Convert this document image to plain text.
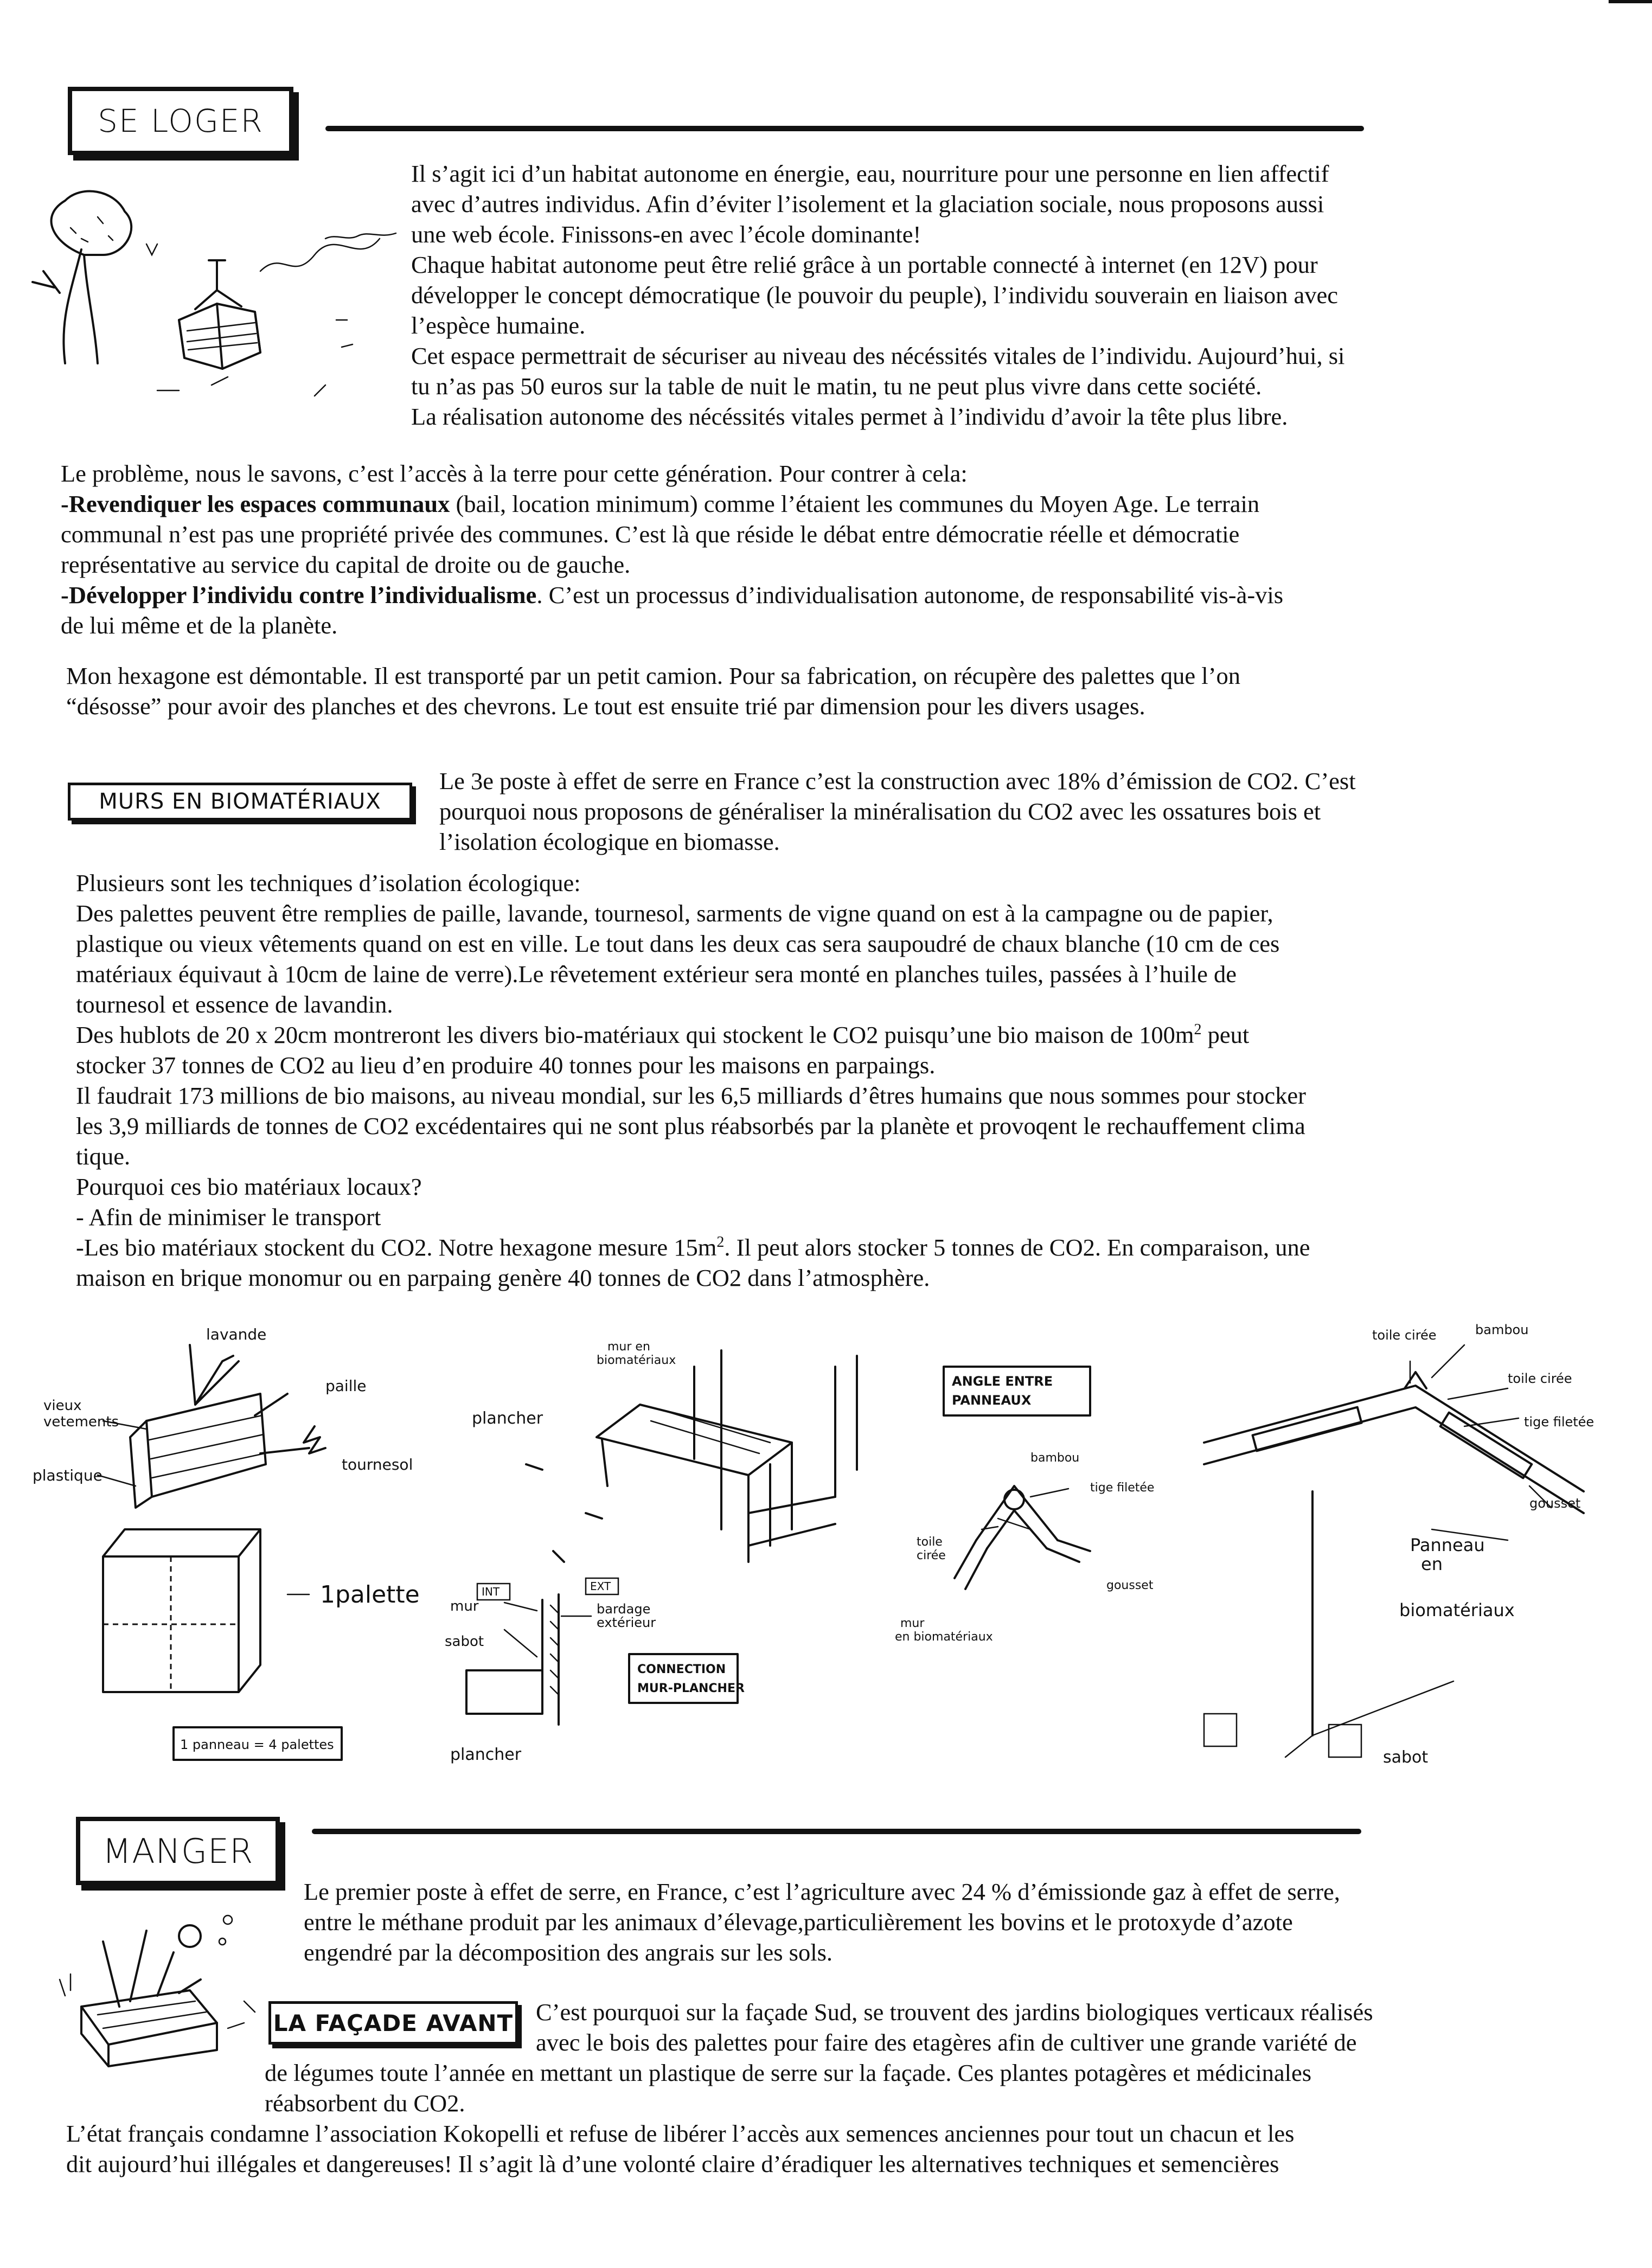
SE LOGER
Il s’agit ici d’un habitat autonome en énergie, eau, nourriture pour une personne en lien affectif
avec d’autres individus. Afin d’éviter l’isolement et la glaciation sociale, nous proposons aussi
une web école. Finissons-en avec l’école dominante!
Chaque habitat autonome peut être relié grâce à un portable connecté à internet (en 12V) pour
développer le concept démocratique (le pouvoir du peuple), l’individu souverain en liaison avec
l’espèce humaine.
Cet espace permettrait de sécuriser au niveau des nécéssités vitales de l’individu. Aujourd’hui, si
tu n’as pas 50 euros sur la table de nuit le matin, tu ne peut plus vivre dans cette société.
La réalisation autonome des nécéssités vitales permet à l’individu d’avoir la tête plus libre.
Le problème, nous le savons, c’est l’accès à la terre pour cette génération. Pour contrer à cela:
-Revendiquer les espaces communaux (bail, location minimum) comme l’étaient les communes du Moyen Age. Le terrain
communal n’est pas une propriété privée des communes. C’est là que réside le débat entre démocratie réelle et démocratie
représentative au service du capital de droite ou de gauche.
-Développer l’individu contre l’individualisme. C’est un processus d’individualisation autonome, de responsabilité vis-à-vis
de lui même et de la planète.
Mon hexagone est démontable. Il est transporté par un petit camion. Pour sa fabrication, on récupère des palettes que l’on
“désosse” pour avoir des planches et des chevrons. Le tout est ensuite trié par dimension pour les divers usages.
MURS EN BIOMATÉRIAUX
Le 3e poste à effet de serre en France c’est la construction avec 18% d’émission de CO2. C’est
pourquoi nous proposons de généraliser la minéralisation du CO2 avec les ossatures bois et
l’isolation écologique en biomasse.
Plusieurs sont les techniques d’isolation écologique:
Des palettes peuvent être remplies de paille, lavande, tournesol, sarments de vigne quand on est à la campagne ou de papier,
plastique ou vieux vêtements quand on est en ville. Le tout dans les deux cas sera saupoudré de chaux blanche (10 cm de ces
matériaux équivaut à 10cm de laine de verre).Le rêvetement extérieur sera monté en planches tuiles, passées à l’huile de
tournesol et essence de lavandin.
Des hublots de 20 x 20cm montreront les divers bio-matériaux qui stockent le CO2 puisqu’une bio maison de $100m^2$ peut
stocker 37 tonnes de CO2 au lieu d’en produire 40 tonnes pour les maisons en parpaings.
Il faudrait 173 millions de bio maisons, au niveau mondial, sur les 6,5 milliards d’êtres humains que nous sommes pour stocker
les 3,9 milliards de tonnes de CO2 excédentaires qui ne sont plus réabsorbés par la planète et provoqent le rechauffement clima
tique.
Pourquoi ces bio matériaux locaux?
- Afin de minimiser le transport
-Les bio matériaux stockent du CO2. Notre hexagone mesure $15m^2$. Il peut alors stocker 5 tonnes de CO2. En comparaison, une
maison en brique monomur ou en parpaing genère 40 tonnes de CO2 dans l’atmosphère.
lavande
paille
vieux
vetements
tournesol
plastique
1palette
1 panneau = 4 palettes
mur en
biomatériaux
plancher
INT	EXT
mur
sabot
bardage
extérieur
plancher
CONNECTION
MUR-PLANCHER
ANGLE ENTRE
PANNEAUX
bambou
tige filetée
toile
cirée
gousset
mur
en biomatériaux
toile cirée	bambou
toile cirée
tige filetée
gousset
Panneau
en
biomatériaux
sabot
MANGER
Le premier poste à effet de serre, en France, c’est l’agriculture avec 24 % d’émissionde gaz à effet de serre,
entre le méthane produit par les animaux d’élevage,particulièrement les bovins et le protoxyde d’azote
engendré par la décomposition des angrais sur les sols.
LA FAÇADE AVANT C’est pourquoi sur la façade Sud, se trouvent des jardins biologiques verticaux réalisés
avec le bois des palettes pour faire des etagères afin de cultiver une grande variété de
de légumes toute l’année en mettant un plastique de serre sur la façade. Ces plantes potagères et médicinales
réabsorbent du CO2.
L’état français condamne l’association Kokopelli et refuse de libérer l’accès aux semences anciennes pour tout un chacun et les
dit aujourd’hui illégales et dangereuses! Il s’agit là d’une volonté claire d’éradiquer les alternatives techniques et semencières
